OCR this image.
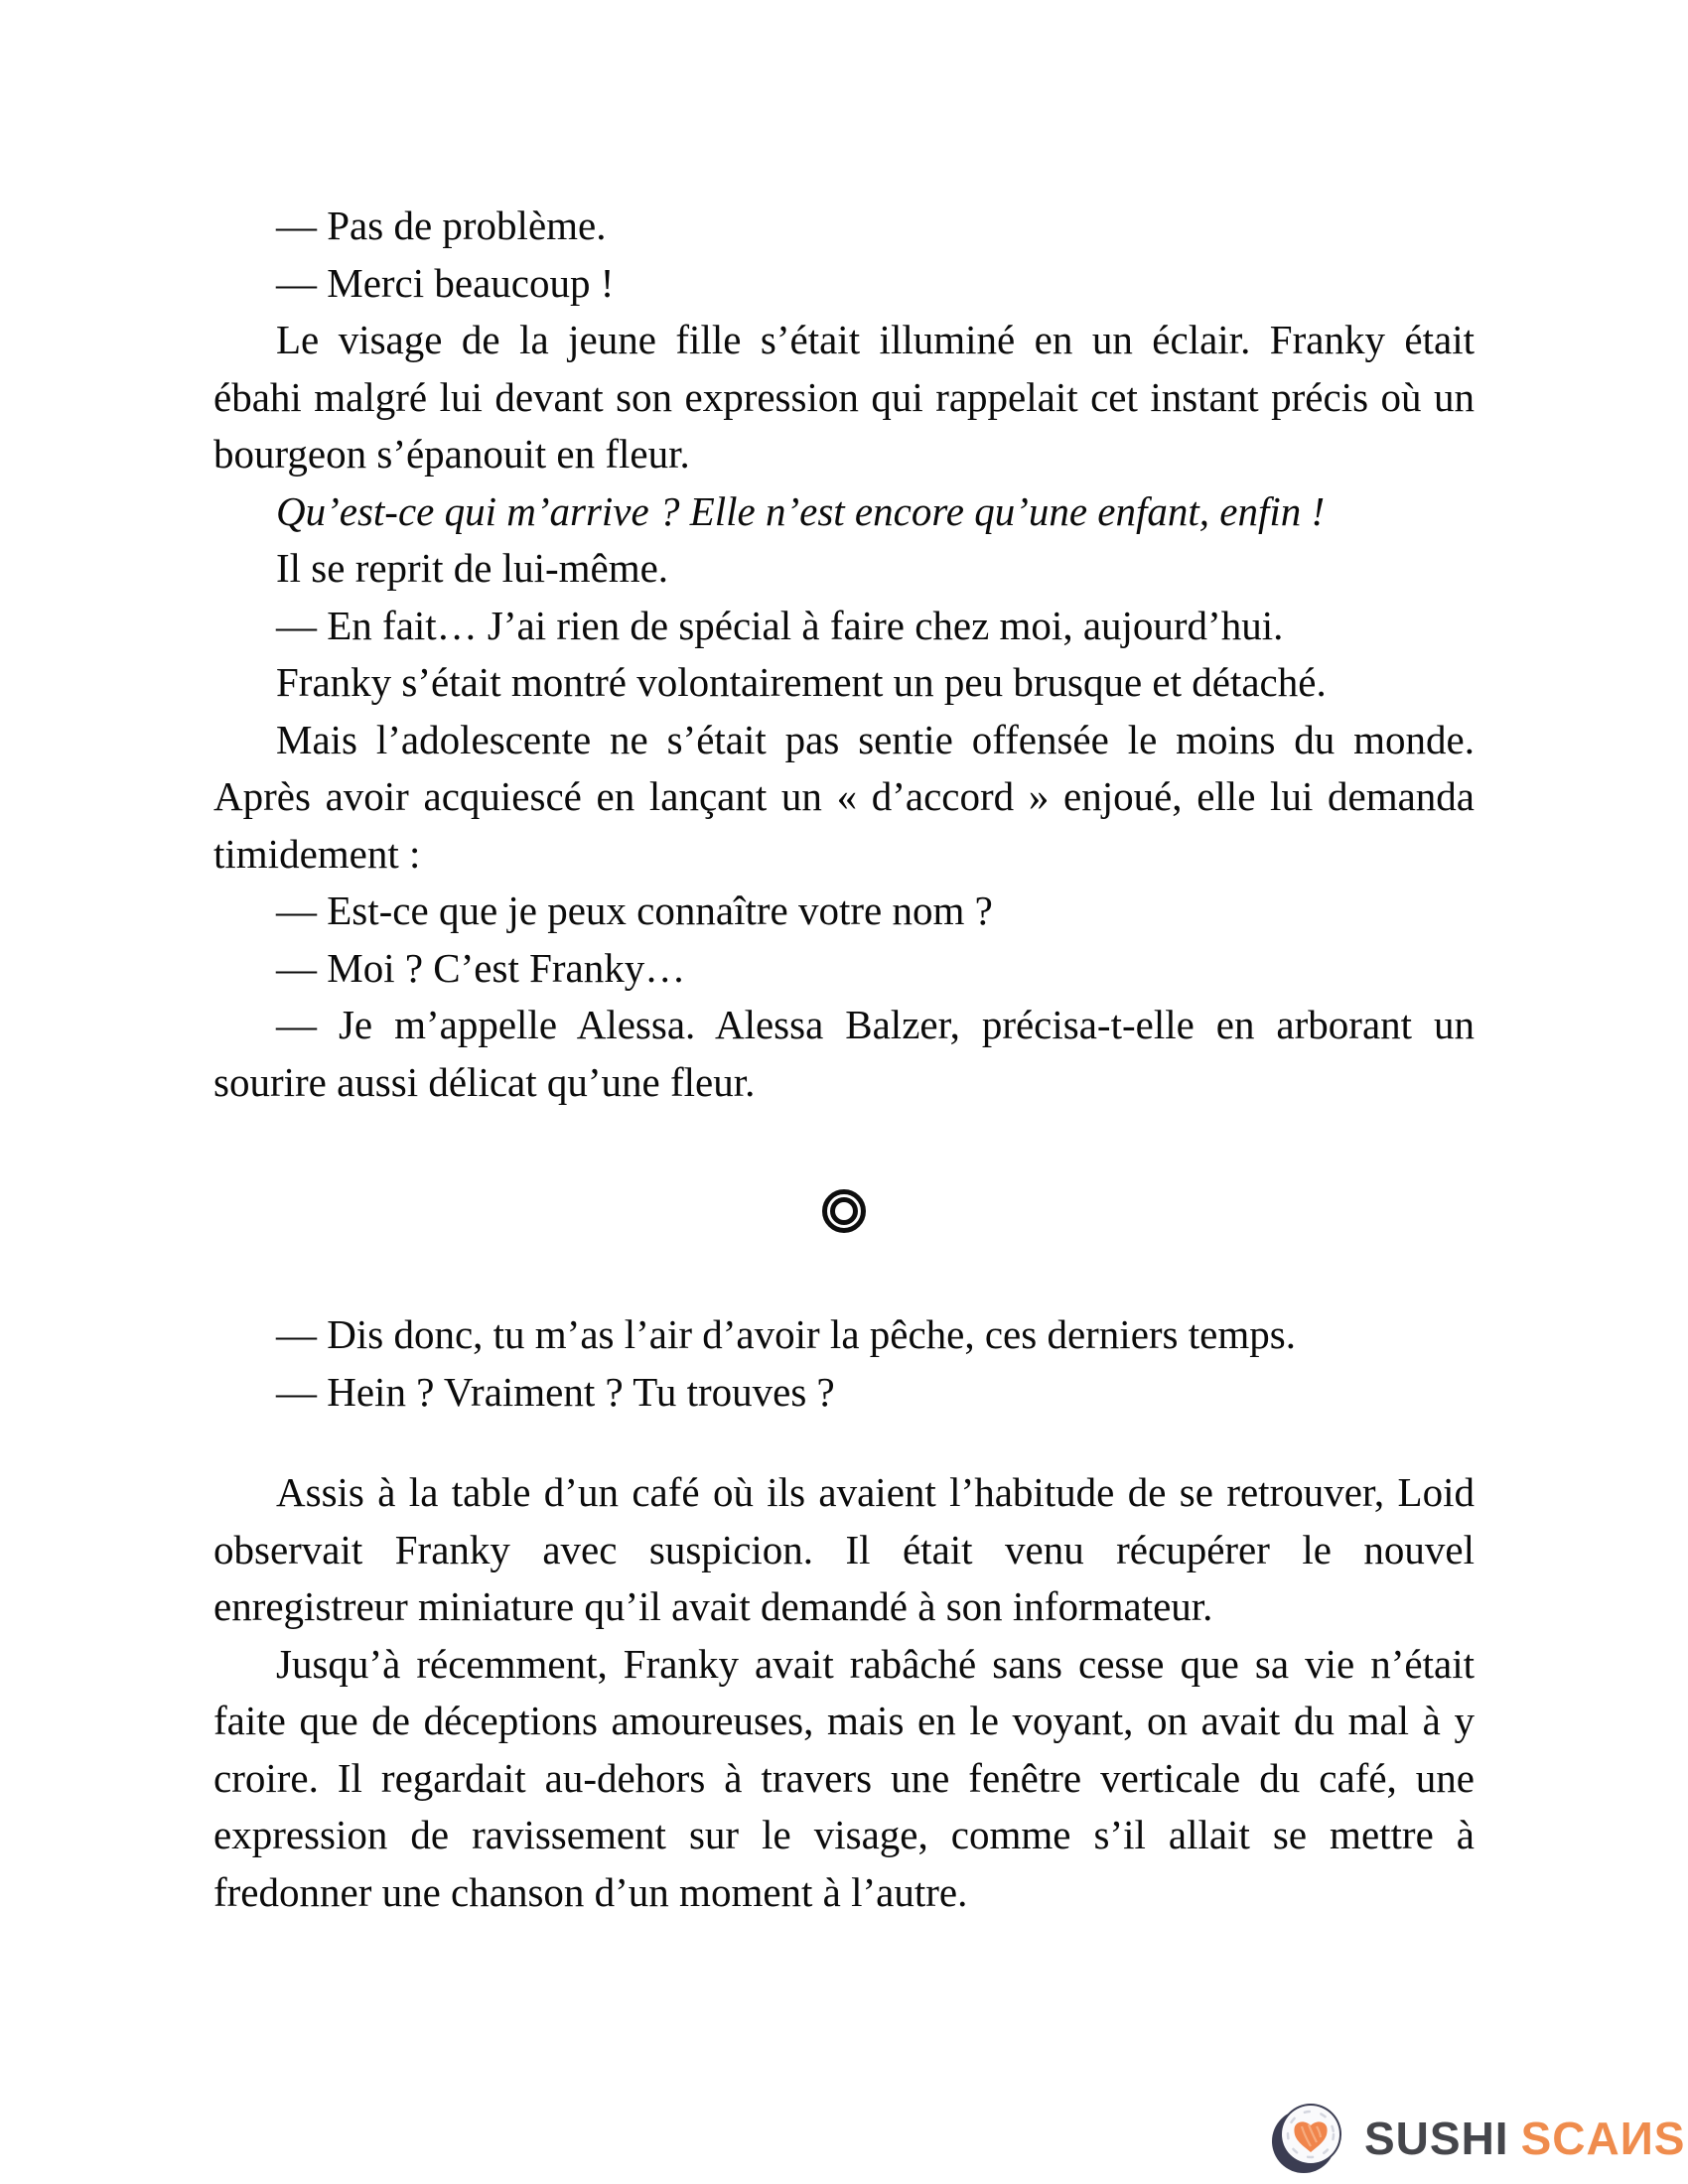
— Pas de problème.
— Merci beaucoup !
Le visage de la jeune fille s’était illuminé en un éclair. Franky était
ébahi malgré lui devant son expression qui rappelait cet instant précis où un
bourgeon s’épanouit en fleur.
Qu’est-ce qui m’arrive ? Elle n’est encore qu’une enfant, enfin !
Il se reprit de lui-même.
— En fait… J’ai rien de spécial à faire chez moi, aujourd’hui.
Franky s’était montré volontairement un peu brusque et détaché.
Mais l’adolescente ne s’était pas sentie offensée le moins du monde.
Après avoir acquiescé en lançant un « d’accord » enjoué, elle lui demanda
timidement :
— Est-ce que je peux connaître votre nom ?
— Moi ? C’est Franky…
— Je m’appelle Alessa. Alessa Balzer, précisa-t-elle en arborant un
sourire aussi délicat qu’une fleur.
— Dis donc, tu m’as l’air d’avoir la pêche, ces derniers temps.
— Hein ? Vraiment ? Tu trouves ?
Assis à la table d’un café où ils avaient l’habitude de se retrouver, Loid
observait Franky avec suspicion. Il était venu récupérer le nouvel
enregistreur miniature qu’il avait demandé à son informateur.
Jusqu’à récemment, Franky avait rabâché sans cesse que sa vie n’était
faite que de déceptions amoureuses, mais en le voyant, on avait du mal à y
croire. Il regardait au-dehors à travers une fenêtre verticale du café, une
expression de ravissement sur le visage, comme s’il allait se mettre à
fredonner une chanson d’un moment à l’autre.
SUSHI SCAИS
